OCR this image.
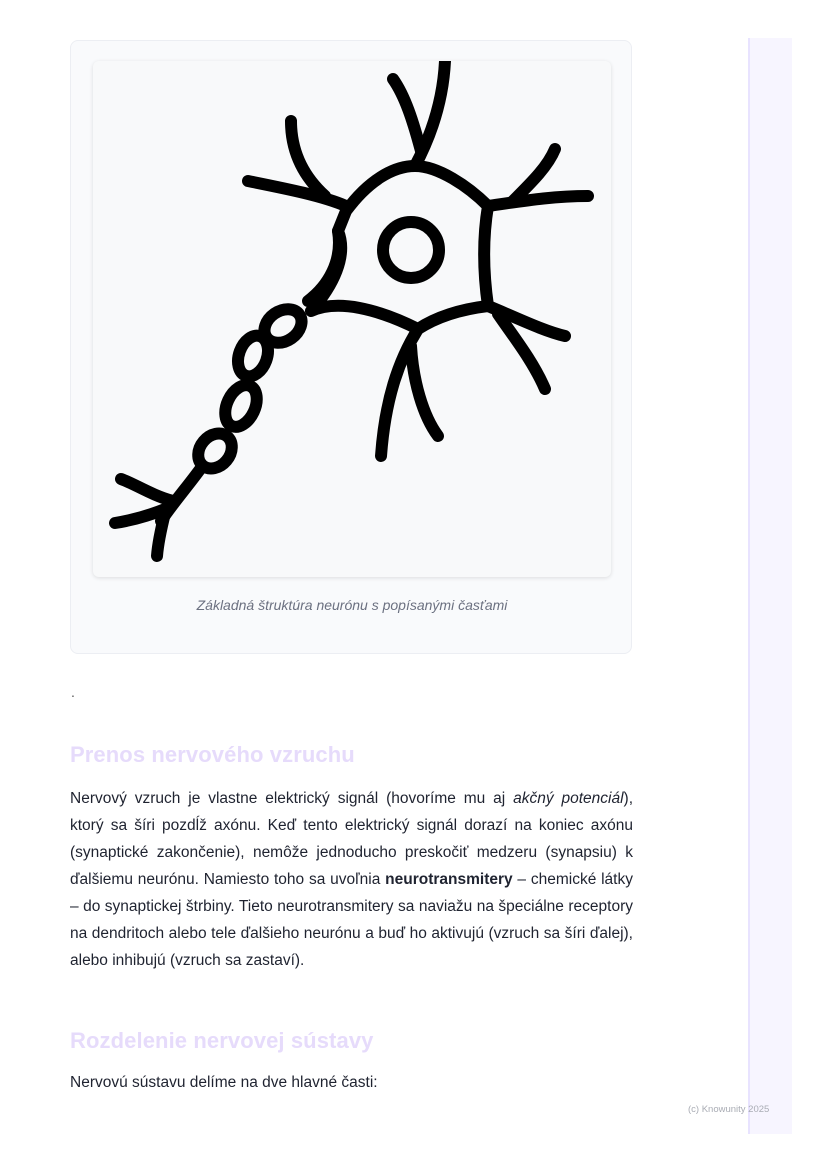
Základná štruktúra neurónu s popísanými časťami
.
Prenos nervového vzruchu

Nervový vzruch je vlastne elektrický signál (hovoríme mu aj akčný potenciál), ktorý sa šíri pozdĺž axónu. Keď tento elektrický signál dorazí na koniec axónu (synaptické zakončenie), nemôže jednoducho preskočiť medzeru (synapsiu) k ďalšiemu neurónu. Namiesto toho sa uvoľnia neurotransmitery – chemické látky – do synaptickej štrbiny. Tieto neurotransmitery sa naviažu na špeciálne receptory na dendritoch alebo tele ďalšieho neurónu a buď ho aktivujú (vzruch sa šíri ďalej), alebo inhibujú (vzruch sa zastaví).

Rozdelenie nervovej sústavy

Nervovú sústavu delíme na dve hlavné časti:

(c) Knowunity 2025
